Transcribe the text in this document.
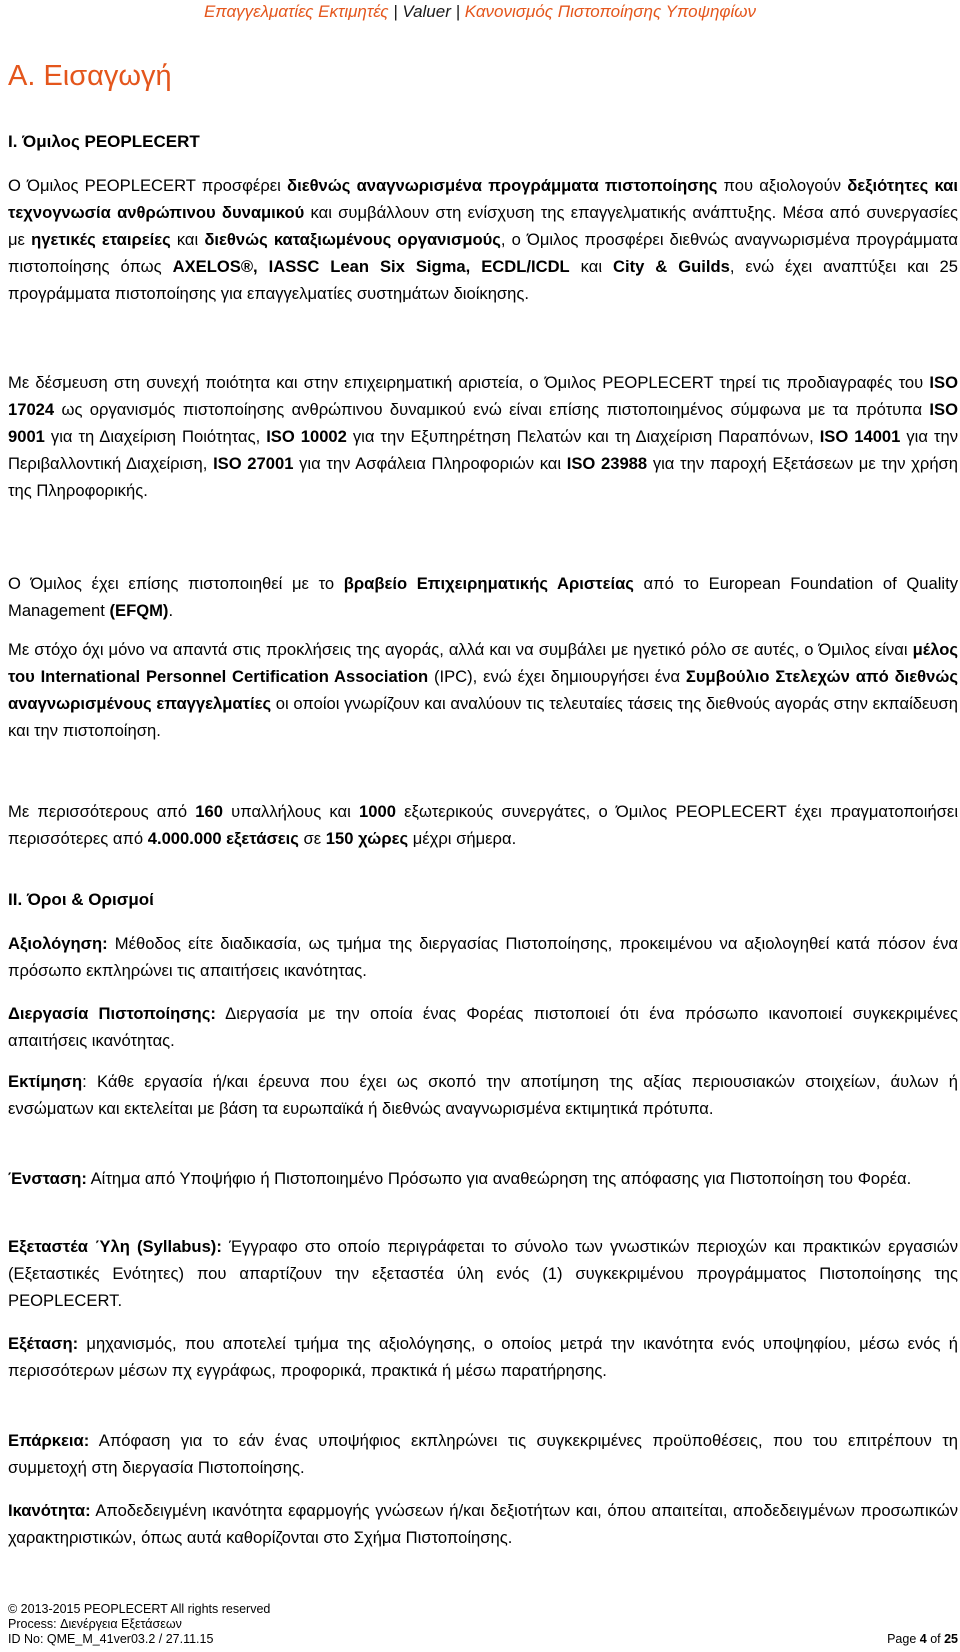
Επαγγελματίες Εκτιμητές | Valuer | Κανονισμός Πιστοποίησης Υποψηφίων
A. Εισαγωγή
I. Όμιλος PEOPLECERT

Ο Όμιλος PEOPLECERT προσφέρει διεθνώς αναγνωρισμένα προγράμματα πιστοποίησης που αξιολογούν δεξιότητες και τεχνογνωσία ανθρώπινου δυναμικού και συμβάλλουν στη ενίσχυση της επαγγελματικής ανάπτυξης. Μέσα από συνεργασίες με ηγετικές εταιρείες και διεθνώς καταξιωμένους οργανισμούς, ο Όμιλος προσφέρει διεθνώς αναγνωρισμένα προγράμματα πιστοποίησης όπως AXELOS®, IASSC Lean Six Sigma, ECDL/ICDL και City & Guilds, ενώ έχει αναπτύξει και 25 προγράμματα πιστοποίησης για επαγγελματίες συστημάτων διοίκησης.

Με δέσμευση στη συνεχή ποιότητα και στην επιχειρηματική αριστεία, ο Όμιλος PEOPLECERT τηρεί τις προδιαγραφές του ISO 17024 ως οργανισμός πιστοποίησης ανθρώπινου δυναμικού ενώ είναι επίσης πιστοποιημένος σύμφωνα με τα πρότυπα ISO 9001 για τη Διαχείριση Ποιότητας, ISO 10002 για την Εξυπηρέτηση Πελατών και τη Διαχείριση Παραπόνων, ISO 14001 για την Περιβαλλοντική Διαχείριση, ISO 27001 για την Ασφάλεια Πληροφοριών και ISO 23988 για την παροχή Εξετάσεων με την χρήση της Πληροφορικής.

Ο Όμιλος έχει επίσης πιστοποιηθεί με το βραβείο Επιχειρηματικής Αριστείας από το European Foundation of Quality Management (EFQM).

Με στόχο όχι μόνο να απαντά στις προκλήσεις της αγοράς, αλλά και να συμβάλει με ηγετικό ρόλο σε αυτές, ο Όμιλος είναι μέλος του International Personnel Certification Association (IPC), ενώ έχει δημιουργήσει ένα Συμβούλιο Στελεχών από διεθνώς αναγνωρισμένους επαγγελματίες οι οποίοι γνωρίζουν και αναλύουν τις τελευταίες τάσεις της διεθνούς αγοράς στην εκπαίδευση και την πιστοποίηση.

Με περισσότερους από 160 υπαλλήλους και 1000 εξωτερικούς συνεργάτες, ο Όμιλος PEOPLECERT έχει πραγματοποιήσει περισσότερες από 4.000.000 εξετάσεις σε 150 χώρες μέχρι σήμερα.

II. Όροι & Ορισμοί

Αξιολόγηση: Μέθοδος είτε διαδικασία, ως τμήμα της διεργασίας Πιστοποίησης, προκειμένου να αξιολογηθεί κατά πόσον ένα πρόσωπο εκπληρώνει τις απαιτήσεις ικανότητας.

Διεργασία Πιστοποίησης: Διεργασία με την οποία ένας Φορέας πιστοποιεί ότι ένα πρόσωπο ικανοποιεί συγκεκριμένες απαιτήσεις ικανότητας.

Εκτίμηση: Κάθε εργασία ή/και έρευνα που έχει ως σκοπό την αποτίμηση της αξίας περιουσιακών στοιχείων, άυλων ή ενσώματων και εκτελείται με βάση τα ευρωπαϊκά ή διεθνώς αναγνωρισμένα εκτιμητικά πρότυπα.

Ένσταση: Αίτημα από Υποψήφιο ή Πιστοποιημένο Πρόσωπο για αναθεώρηση της απόφασης για Πιστοποίηση του Φορέα.

Εξεταστέα Ύλη (Syllabus): Έγγραφο στο οποίο περιγράφεται το σύνολο των γνωστικών περιοχών και πρακτικών εργασιών (Εξεταστικές Ενότητες) που απαρτίζουν την εξεταστέα ύλη ενός (1) συγκεκριμένου προγράμματος Πιστοποίησης της PEOPLECERT.

Εξέταση: μηχανισμός, που αποτελεί τμήμα της αξιολόγησης, ο οποίος μετρά την ικανότητα ενός υποψηφίου, μέσω ενός ή περισσότερων μέσων πχ εγγράφως, προφορικά, πρακτικά ή μέσω παρατήρησης.

Επάρκεια: Απόφαση για το εάν ένας υποψήφιος εκπληρώνει τις συγκεκριμένες προϋποθέσεις, που του επιτρέπουν τη συμμετοχή στη διεργασία Πιστοποίησης.

Ικανότητα: Αποδεδειγμένη ικανότητα εφαρμογής γνώσεων ή/και δεξιοτήτων και, όπου απαιτείται, αποδεδειγμένων προσωπικών χαρακτηριστικών, όπως αυτά καθορίζονται στο Σχήμα Πιστοποίησης.

© 2013-2015 PEOPLECERT All rights reserved
Process: Διενέργεια Εξετάσεων
ID No: QME_M_41ver03.2 / 27.11.15	Page 4 of 25
